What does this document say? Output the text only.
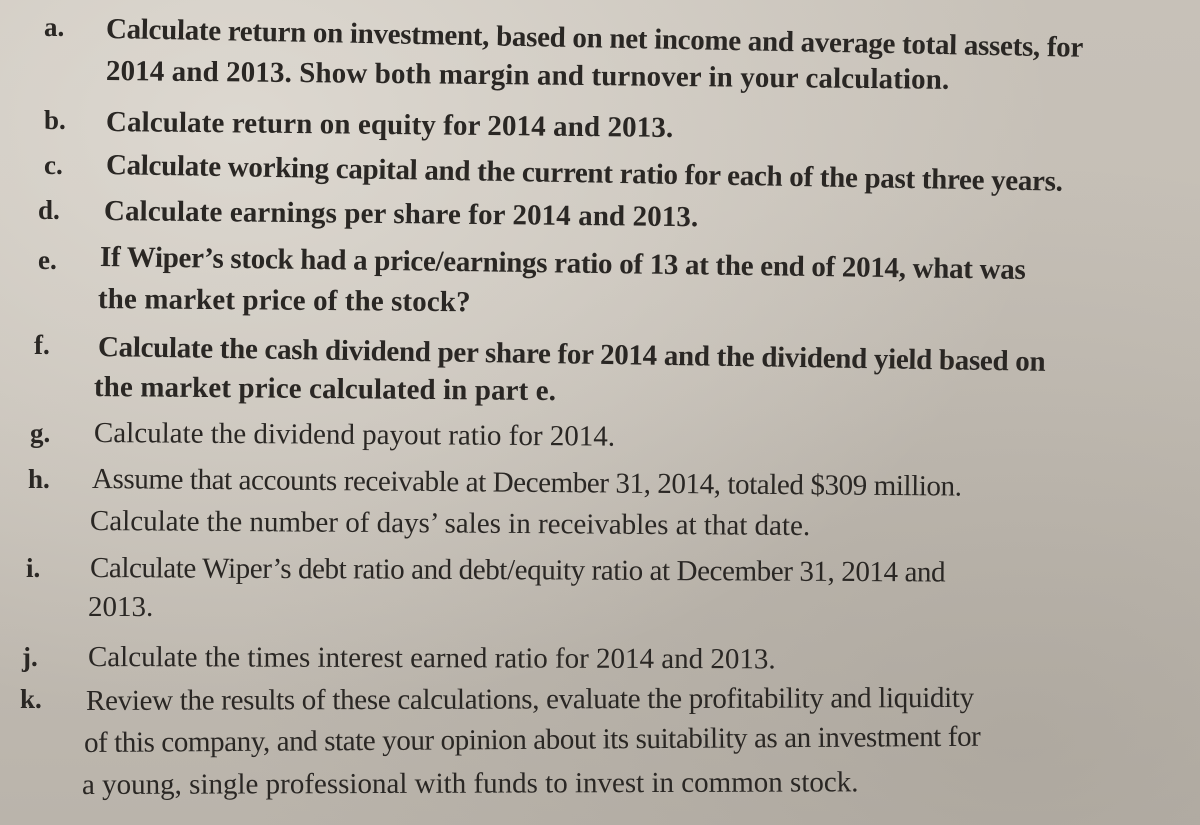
a. Calculate return on investment, based on net income and average total assets, for
2014 and 2013. Show both margin and turnover in your calculation.
b. Calculate return on equity for 2014 and 2013.
c. Calculate working capital and the current ratio for each of the past three years.
d. Calculate earnings per share for 2014 and 2013.
e. If Wiper’s stock had a price/earnings ratio of 13 at the end of 2014, what was
the market price of the stock?
f. Calculate the cash dividend per share for 2014 and the dividend yield based on
the market price calculated in part e.
g. Calculate the dividend payout ratio for 2014.
h. Assume that accounts receivable at December 31, 2014, totaled $309 million.
Calculate the number of days’ sales in receivables at that date.
i. Calculate Wiper’s debt ratio and debt/equity ratio at December 31, 2014 and
2013.
j. Calculate the times interest earned ratio for 2014 and 2013.
k. Review the results of these calculations, evaluate the profitability and liquidity
of this company, and state your opinion about its suitability as an investment for
a young, single professional with funds to invest in common stock.
